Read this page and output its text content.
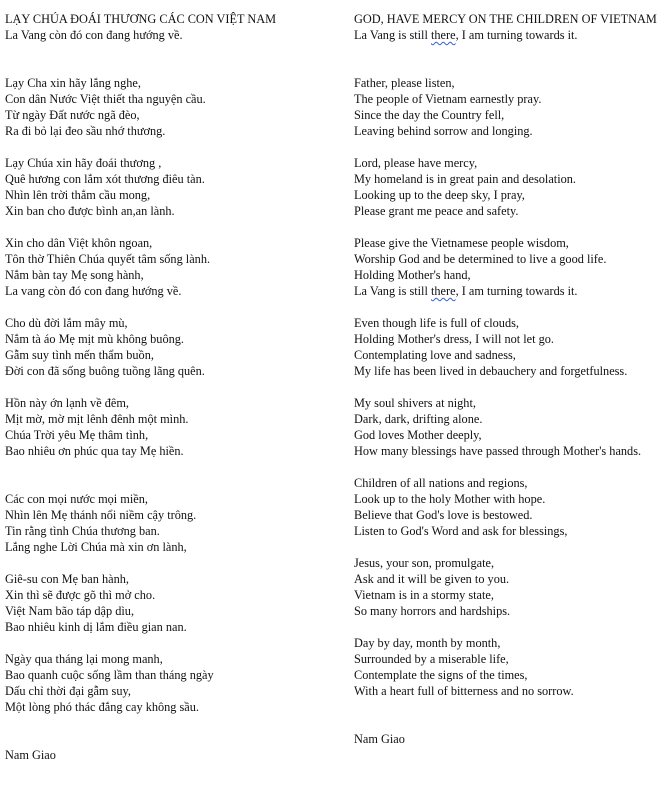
LẠY CHÚA ĐOÁI THƯƠNG CÁC CON VIỆT NAM
La Vang còn đó con đang hướng về.
Lạy Cha xin hãy lắng nghe,
Con dân Nước Việt thiết tha nguyện cầu.
Từ ngày Đất nước ngã đèo,
Ra đi bỏ lại đeo sầu nhớ thương.
Lạy Chúa xin hãy đoái thương ,
Quê hương con lắm xót thương điêu tàn.
Nhìn lên trời thẳm cầu mong,
Xin ban cho được bình an,an lành.
Xin cho dân Việt khôn ngoan,
Tôn thờ Thiên Chúa quyết tâm sống lành.
Nắm bàn tay Mẹ song hành,
La vang còn đó con đang hướng về.
Cho dù đời lắm mây mù,
Nắm tà áo Mẹ mịt mù không buông.
Gẫm suy tình mến thẩm buồn,
Đời con đã sống buông tuồng lãng quên.
Hồn này ớn lạnh về đêm,
Mịt mờ, mờ mịt lênh đênh một mình.
Chúa Trời yêu Mẹ thâm tình,
Bao nhiêu ơn phúc qua tay Mẹ hiền.
Các con mọi nước mọi miền,
Nhìn lên Mẹ thánh nổi niềm cậy trông.
Tin rằng tình Chúa thương ban.
Lắng nghe Lời Chúa mà xin ơn lành,
Giê-su con Mẹ ban hành,
Xin thì sẽ được gõ thì mở cho.
Việt Nam bão táp dập dìu,
Bao nhiêu kinh dị lắm điều gian nan.
Ngày qua tháng lại mong manh,
Bao quanh cuộc sống lầm than tháng ngày
Dấu chỉ thời đại gẫm suy,
Một lòng phó thác đắng cay không sầu.
Nam Giao
GOD, HAVE MERCY ON THE CHILDREN OF VIETNAM
La Vang is still there, I am turning towards it.
Father, please listen,
The people of Vietnam earnestly pray.
Since the day the Country fell,
Leaving behind sorrow and longing.
Lord, please have mercy,
My homeland is in great pain and desolation.
Looking up to the deep sky, I pray,
Please grant me peace and safety.
Please give the Vietnamese people wisdom,
Worship God and be determined to live a good life.
Holding Mother's hand,
La Vang is still there, I am turning towards it.
Even though life is full of clouds,
Holding Mother's dress, I will not let go.
Contemplating love and sadness,
My life has been lived in debauchery and forgetfulness.
My soul shivers at night,
Dark, dark, drifting alone.
God loves Mother deeply,
How many blessings have passed through Mother's hands.
Children of all nations and regions,
Look up to the holy Mother with hope.
Believe that God's love is bestowed.
Listen to God's Word and ask for blessings,
Jesus, your son, promulgate,
Ask and it will be given to you.
Vietnam is in a stormy state,
So many horrors and hardships.
Day by day, month by month,
Surrounded by a miserable life,
Contemplate the signs of the times,
With a heart full of bitterness and no sorrow.
Nam Giao
